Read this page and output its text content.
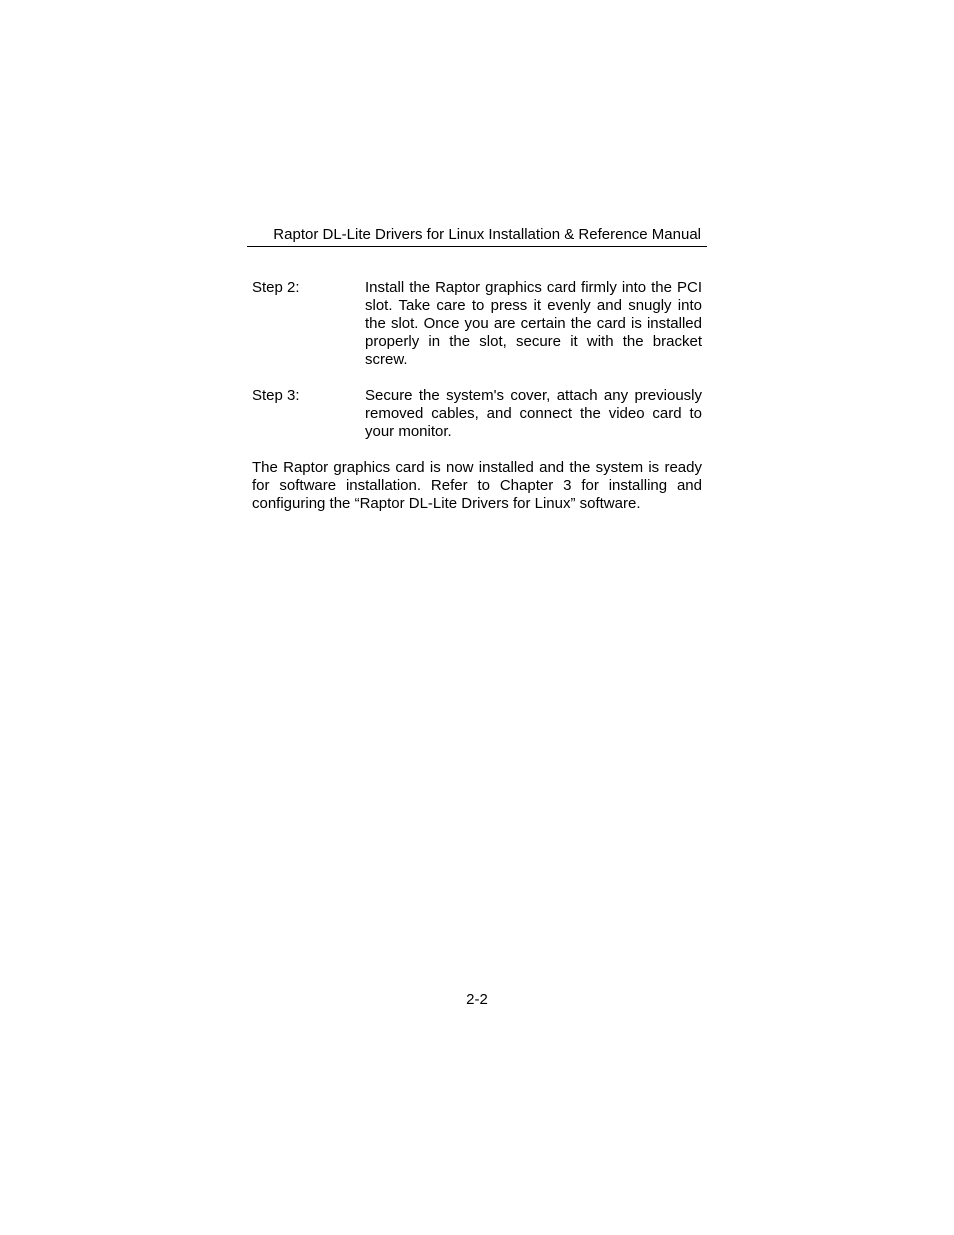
Raptor DL-Lite Drivers for Linux Installation & Reference Manual
Step 2:	Install the Raptor graphics card firmly into the PCI slot. Take care to press it evenly and snugly into the slot. Once you are certain the card is installed properly in the slot, secure it with the bracket screw.
Step 3:	Secure the system's cover, attach any previously removed cables, and connect the video card to your monitor.

The Raptor graphics card is now installed and the system is ready for software installation. Refer to Chapter 3 for installing and configuring the “Raptor DL-Lite Drivers for Linux” software.

2-2
